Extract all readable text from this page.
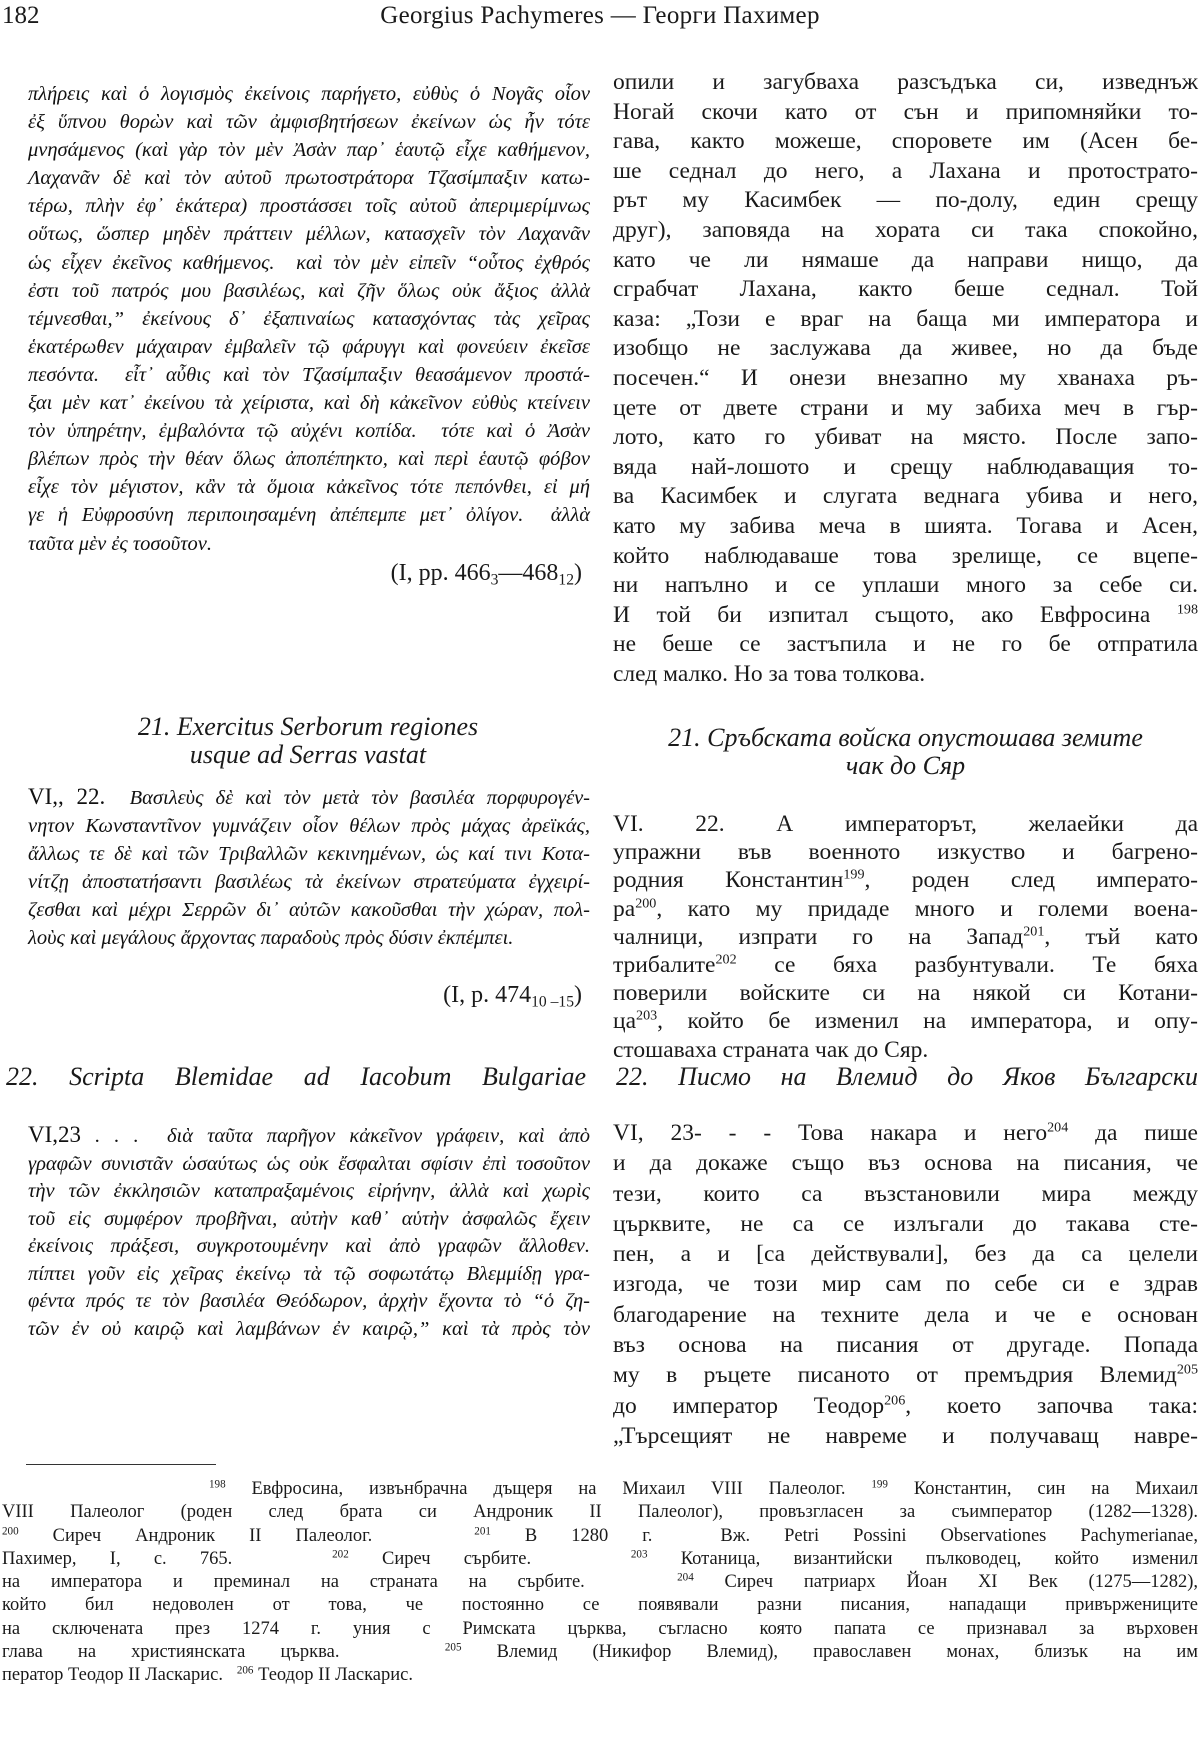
182	Georgius Pachymeres — Георги Пахимер
πλήρεις καὶ ὁ λογισμὸς ἐκείνοις παρήγετο, εὐθὺς ὁ Νογᾶς οἷον
ἐξ ὕπνου θορὼν καὶ τῶν ἀμφισβητήσεων ἐκείνων ὡς ἦν τότε
μνησάμενος (καὶ γὰρ τὸν μὲν Ἀσὰν παρ᾽ ἑαυτῷ εἶχε καθήμενον,
Λαχανᾶν δὲ καὶ τὸν αὐτοῦ πρωτοστράτορα Τζασίμπαξιν κατω-
τέρω, πλὴν ἐφ᾽ ἑκάτερα) προστάσσει τοῖς αὐτοῦ ἀπεριμερίμνως
οὕτως, ὥσπερ μηδὲν πράττειν μέλλων, κατασχεῖν τὸν Λαχανᾶν
ὡς εἶχεν ἐκεῖνος καθήμενος.  καὶ τὸν μὲν εἰπεῖν “οὗτος ἐχθρός
ἐστι τοῦ πατρός μου βασιλέως, καὶ ζῆν ὅλως οὐκ ἄξιος ἀλλὰ
τέμνεσθαι,” ἐκείνους δ᾽ ἐξαπιναίως κατασχόντας τὰς χεῖρας
ἑκατέρωθεν μάχαιραν ἐμβαλεῖν τῷ φάρυγγι καὶ φονεύειν ἐκεῖσε
πεσόντα.  εἶτ᾽ αὖθις καὶ τὸν Τζασίμπαξιν θεασάμενον προστά-
ξαι μὲν κατ᾽ ἐκείνου τὰ χείριστα, καὶ δὴ κἀκεῖνον εὐθὺς κτείνειν
τὸν ὑπηρέτην, ἐμβαλόντα τῷ αὐχένι κοπίδα.  τότε καὶ ὁ Ἀσὰν
βλέπων πρὸς τὴν θέαν ὅλως ἀποπέπηκτο, καὶ περὶ ἑαυτῷ φόβον
εἶχε τὸν μέγιστον, κἂν τὰ ὅμοια κἀκεῖνος τότε πεπόνθει, εἰ μή
γε ἡ Εὐφροσύνη περιποιησαμένη ἀπέπεμπε μετ᾽ ὀλίγον.  ἀλλὰ
ταῦτα μὲν ἐς τοσοῦτον.
(I, pp. $466_3—468_{12}$)
21. Exercitus Serborum regiones
usque ad Serras vastat
VI,, 22.  Βασιλεὺς δὲ καὶ τὸν μετὰ τὸν βασιλέα πορφυρογέν-
νητον Κωνσταντῖνον γυμνάζειν οἷον θέλων πρὸς μάχας ἀρεϊκάς,
ἄλλως τε δὲ καὶ τῶν Τριβαλλῶν κεκινημένων, ὡς καί τινι Κοτα-
νίτζῃ ἀποστατήσαντι βασιλέως τὰ ἐκείνων στρατεύματα ἐγχειρί-
ζεσθαι καὶ μέχρι Σερρῶν δι᾽ αὐτῶν κακοῦσθαι τὴν χώραν, πολ-
λοὺς καὶ μεγάλους ἄρχοντας παραδοὺς πρὸς δύσιν ἐκπέμπει.
(I, p. $474_{10 -15}$)
22. Scripta Blemidae ad Iacobum Bulgariae
VI,23 . . .  διὰ ταῦτα παρῆγον κἀκεῖνον γράφειν, καὶ ἀπὸ
γραφῶν συνιστᾶν ὡσαύτως ὡς οὐκ ἔσφαλται σφίσιν ἐπὶ τοσοῦτον
τὴν τῶν ἐκκλησιῶν καταπραξαμένοις εἰρήνην, ἀλλὰ καὶ χωρὶς
τοῦ εἰς συμφέρον προβῆναι, αὐτὴν καθ᾽ αὑτὴν ἀσφαλῶς ἔχειν
ἐκείνοις πράξεσι, συγκροτουμένην καὶ ἀπὸ γραφῶν ἄλλοθεν.
πίπτει γοῦν εἰς χεῖρας ἐκείνῳ τὰ τῷ σοφωτάτῳ Βλεμμίδῃ γρα-
φέντα πρός τε τὸν βασιλέα Θεόδωρον, ἀρχὴν ἔχοντα τὸ “ὁ ζη-
τῶν ἐν οὐ καιρῷ καὶ λαμβάνων ἐν καιρῷ,” καὶ τὰ πρὸς τὸν
опили и загубваха разсъдъка си, изведнъж
Ногай скочи като от сън и припомняйки то-
гава, както можеше, споровете им (Асен бе-
ше седнал до него, а Лахана и протострато-
рът му Касимбек — по-долу, един срещу
друг), заповяда на хората си така спокойно,
като че ли нямаше да направи нищо, да
сграбчат Лахана, както беше седнал. Той
каза: „Този е враг на баща ми императора и
изобщо не заслужава да живее, но да бъде
посечен.“ И онези внезапно му хванаха ръ-
цете от двете страни и му забиха меч в гър-
лото, като го убиват на място. После запо-
вяда най-лошото и срещу наблюдаващия то-
ва Касимбек и слугата веднага убива и него,
като му забива меча в шията. Тогава и Асен,
който наблюдаваше това зрелище, се вцепе-
ни напълно и се уплаши много за себе си.
И той би изпитал същото, ако Евфросина $^{198}$
не беше се застъпила и не го бе отпратила
след малко. Но за това толкова.
21. Сръбската войска опустошава земите
чак до Сяр
VI. 22. А императорът, желаейки да
упражни във военното изкуство и багрено-
родния Константин$^{199}$, роден след императо-
$ра^{200}$, като му придаде много и големи воена-
чалници, изпрати го на Запад$^{201}$, тъй като
трибалите$^{202}$ се бяха разбунтували. Те бяха
поверили войските си на някой си Котани-
$ца^{203}$, който бе изменил на императора, и опу-
стошаваха страната чак до Сяр.
22. Писмо на Влемид до Яков Български
VI, 23- - - Това накара и него$^{204}$ да пише
и да докаже също въз основа на писания, че
тези, които са възстановили мира между
църквите, не са се излъгали до такава сте-
пен, а и [са действували], без да са целели
изгода, че този мир сам по себе си е здрав
благодарение на техните дела и че е основан
въз основа на писания от другаде. Попада
му в ръцете писаното от премъдрия Влемид$^{205}$
до император Теодор$^{206}$, което започва така:
„Търсещият не навреме и получаващ навре-
$^{198}$ Евфросина, извънбрачна дъщеря на Михаил VIII Палеолог. $^{199}$ Константин, син на Михаил
VIII Палеолог (роден след брата си Андроник II Палеолог), провъзгласен за съимператор (1282—1328).
$^{200}$ Сиреч Андроник II Палеолог.   $^{201}$ В 1280 г.  Вж. Petri Possini Observationes Pachymerianae,
Пахимер, I, с. 765.   $^{202}$ Сиреч сърбите.   $^{203}$ Котаница, византийски пълководец, който изменил
на императора и преминал на страната на сърбите.   $^{204}$ Сиреч патриарх Йоан XI Век (1275—1282),
който бил недоволен от това, че постоянно се появявали разни писания, нападащи привържениците
на сключената през 1274 г. уния с Римската църква, съгласно която папата се признавал за върховен
глава на християнската църква.   $^{205}$ Влемид (Никифор Влемид), православен монах, близък на им
ператор Теодор II Ласкарис.   $^{206}$ Теодор II Ласкарис.
